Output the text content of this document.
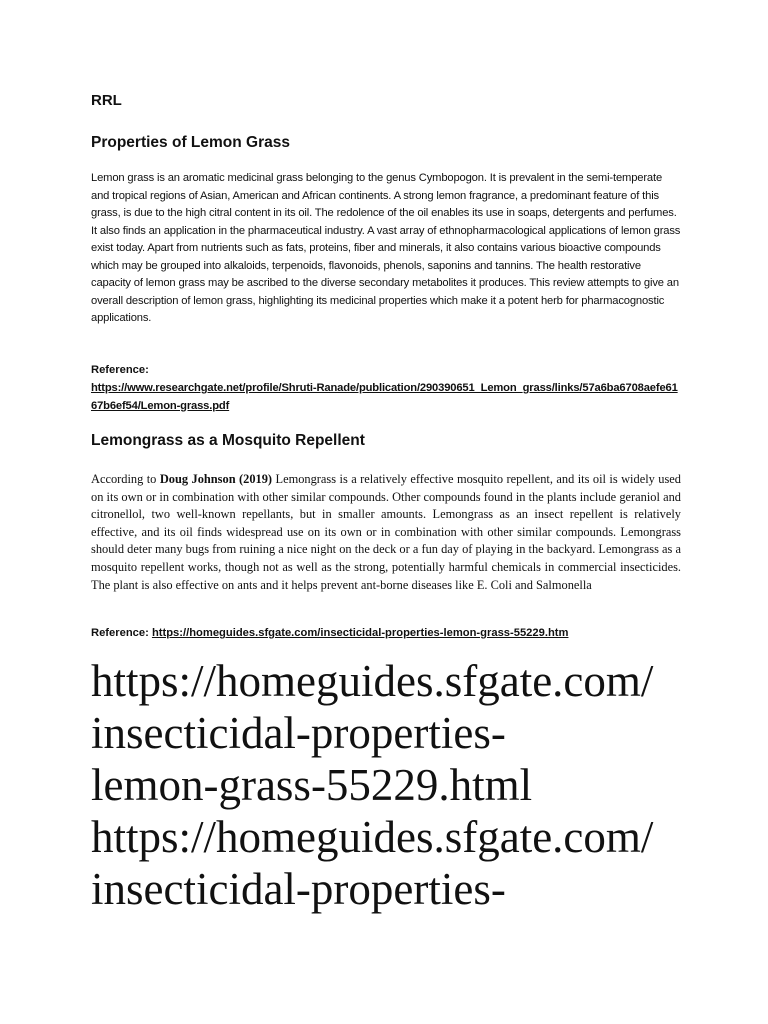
RRL
Properties of Lemon Grass

Lemon grass is an aromatic medicinal grass belonging to the genus Cymbopogon. It is prevalent in the semi-temperate and tropical regions of Asian, American and African continents. A strong lemon fragrance, a predominant feature of this grass, is due to the high citral content in its oil. The redolence of the oil enables its use in soaps, detergents and perfumes. It also finds an application in the pharmaceutical industry. A vast array of ethnopharmacological applications of lemon grass exist today. Apart from nutrients such as fats, proteins, fiber and minerals, it also contains various bioactive compounds which may be grouped into alkaloids, terpenoids, flavonoids, phenols, saponins and tannins. The health restorative capacity of lemon grass may be ascribed to the diverse secondary metabolites it produces. This review attempts to give an overall description of lemon grass, highlighting its medicinal properties which make it a potent herb for pharmacognostic applications.

Reference:

https://www.researchgate.net/profile/Shruti-Ranade/publication/290390651_Lemon_grass/links/57a6ba6708aefe6167b6ef54/Lemon-grass.pdf
Lemongrass as a Mosquito Repellent

According to Doug Johnson (2019) Lemongrass is a relatively effective mosquito repellent, and its oil is widely used on its own or in combination with other similar compounds. Other compounds found in the plants include geraniol and citronellol, two well-known repellants, but in smaller amounts. Lemongrass as an insect repellent is relatively effective, and its oil finds widespread use on its own or in combination with other similar compounds. Lemongrass should deter many bugs from ruining a nice night on the deck or a fun day of playing in the backyard. Lemongrass as a mosquito repellent works, though not as well as the strong, potentially harmful chemicals in commercial insecticides. The plant is also effective on ants and it helps prevent ant-borne diseases like E. Coli and Salmonella

Reference: https://homeguides.sfgate.com/insecticidal-properties-lemon-grass-55229.htm

https://homeguides.sfgate.com/
insecticidal-properties-
lemon-grass-55229.html
https://homeguides.sfgate.com/
insecticidal-properties-
